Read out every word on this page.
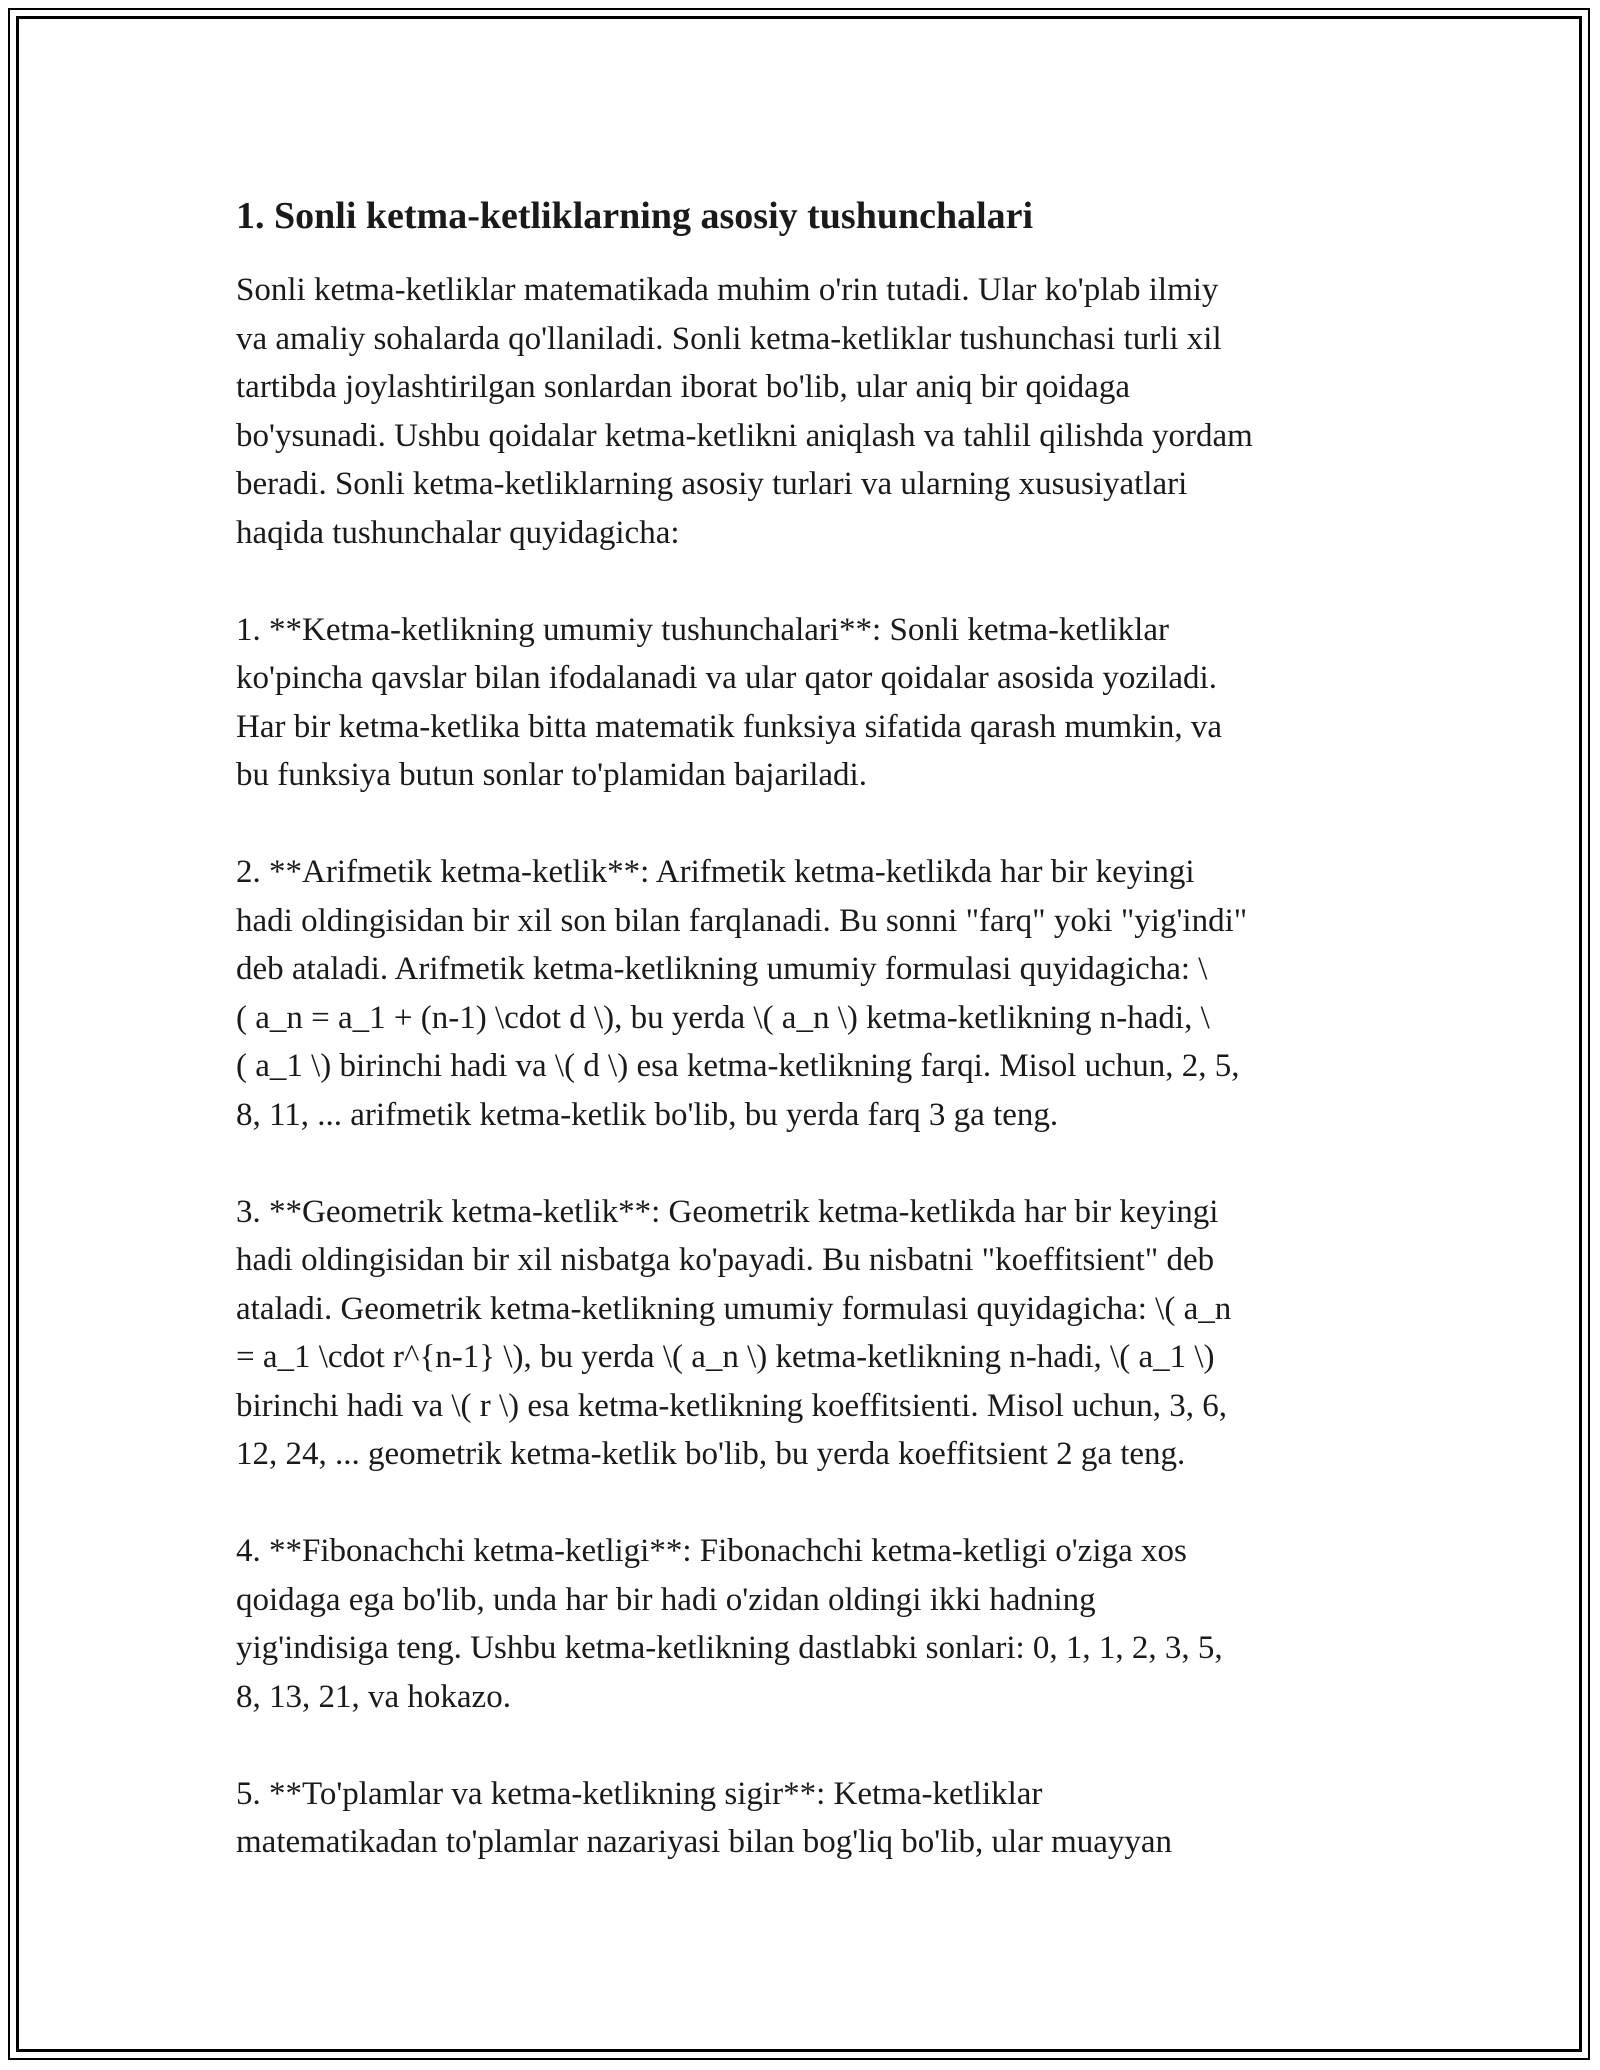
1. Sonli ketma-ketliklarning asosiy tushunchalari

Sonli ketma-ketliklar matematikada muhim o'rin tutadi. Ular ko'plab ilmiy
va amaliy sohalarda qo'llaniladi. Sonli ketma-ketliklar tushunchasi turli xil
tartibda joylashtirilgan sonlardan iborat bo'lib, ular aniq bir qoidaga
bo'ysunadi. Ushbu qoidalar ketma-ketlikni aniqlash va tahlil qilishda yordam
beradi. Sonli ketma-ketliklarning asosiy turlari va ularning xususiyatlari
haqida tushunchalar quyidagicha:

1. **Ketma-ketlikning umumiy tushunchalari**: Sonli ketma-ketliklar
ko'pincha qavslar bilan ifodalanadi va ular qator qoidalar asosida yoziladi.
Har bir ketma-ketlika bitta matematik funksiya sifatida qarash mumkin, va
bu funksiya butun sonlar to'plamidan bajariladi.

2. **Arifmetik ketma-ketlik**: Arifmetik ketma-ketlikda har bir keyingi
hadi oldingisidan bir xil son bilan farqlanadi. Bu sonni "farq" yoki "yig'indi"
deb ataladi. Arifmetik ketma-ketlikning umumiy formulasi quyidagicha: \
( a_n = a_1 + (n-1) \cdot d \), bu yerda \( a_n \) ketma-ketlikning n-hadi, \
( a_1 \) birinchi hadi va \( d \) esa ketma-ketlikning farqi. Misol uchun, 2, 5,
8, 11, ... arifmetik ketma-ketlik bo'lib, bu yerda farq 3 ga teng.

3. **Geometrik ketma-ketlik**: Geometrik ketma-ketlikda har bir keyingi
hadi oldingisidan bir xil nisbatga ko'payadi. Bu nisbatni "koeffitsient" deb
ataladi. Geometrik ketma-ketlikning umumiy formulasi quyidagicha: \( a_n
= a_1 \cdot r^{n-1} \), bu yerda \( a_n \) ketma-ketlikning n-hadi, \( a_1 \)
birinchi hadi va \( r \) esa ketma-ketlikning koeffitsienti. Misol uchun, 3, 6,
12, 24, ... geometrik ketma-ketlik bo'lib, bu yerda koeffitsient 2 ga teng.

4. **Fibonachchi ketma-ketligi**: Fibonachchi ketma-ketligi o'ziga xos
qoidaga ega bo'lib, unda har bir hadi o'zidan oldingi ikki hadning
yig'indisiga teng. Ushbu ketma-ketlikning dastlabki sonlari: 0, 1, 1, 2, 3, 5,
8, 13, 21, va hokazo.

5. **To'plamlar va ketma-ketlikning sigir**: Ketma-ketliklar
matematikadan to'plamlar nazariyasi bilan bog'liq bo'lib, ular muayyan
